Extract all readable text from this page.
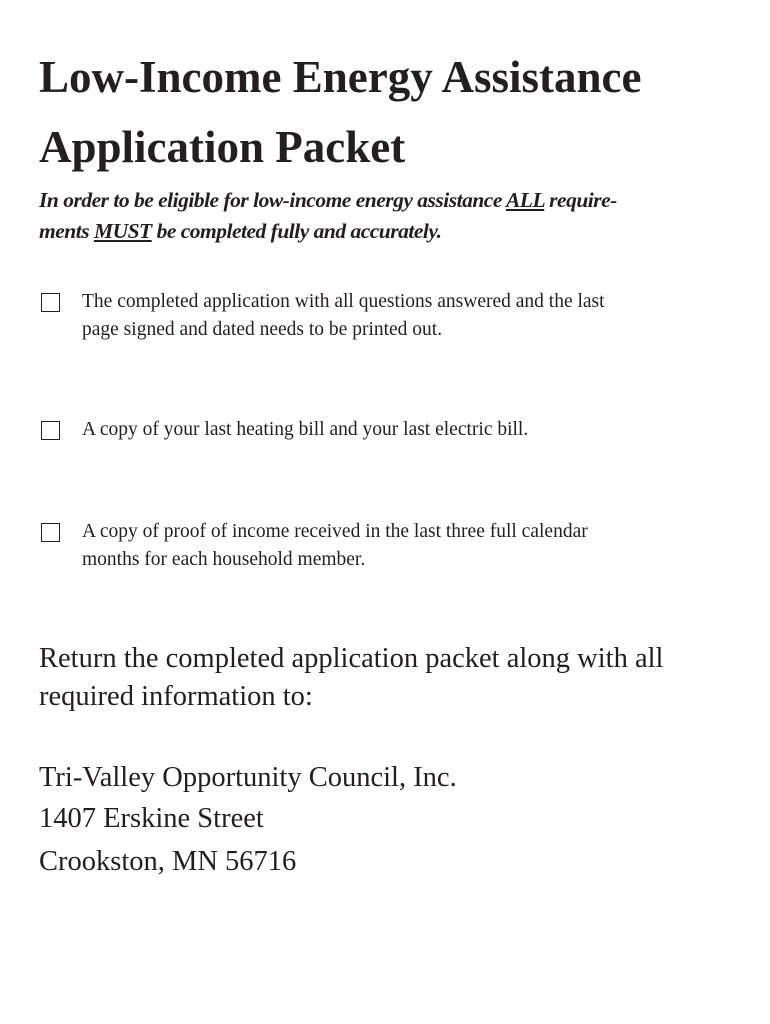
Low-Income Energy Assistance
Application Packet

In order to be eligible for low-income energy assistance ALL require-
ments MUST be completed fully and accurately.

The completed application with all questions answered and the last
page signed and dated needs to be printed out.
A copy of your last heating bill and your last electric bill.
A copy of proof of income received in the last three full calendar
months for each household member.

Return the completed application packet along with all
required information to:

Tri-Valley Opportunity Council, Inc.
1407 Erskine Street
Crookston, MN 56716
